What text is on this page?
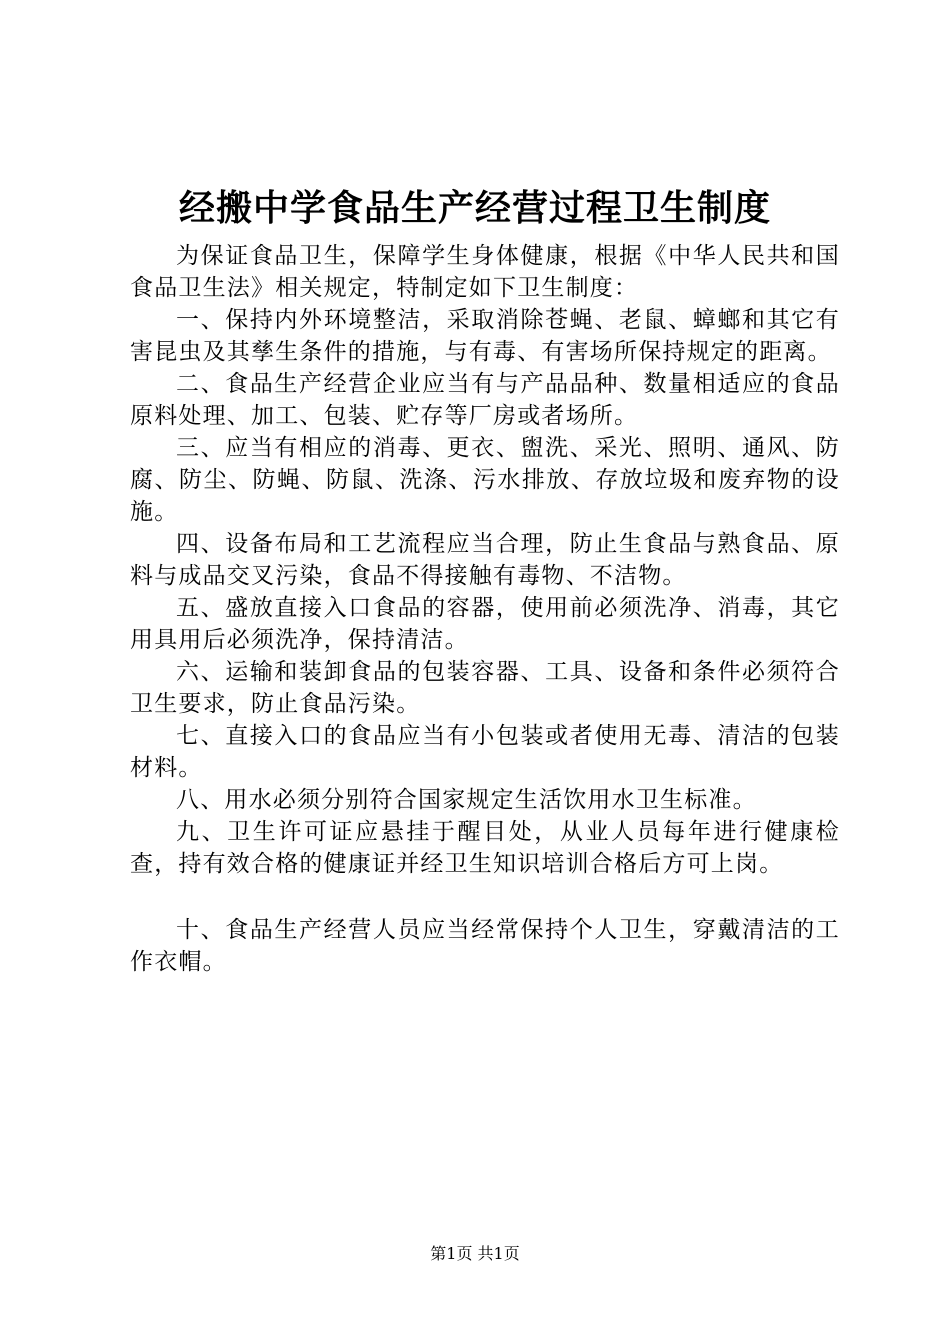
经搬中学食品生产经营过程卫生制度

为保证食品卫生，保障学生身体健康，根据《中华人民共和国食品卫生法》相关规定，特制定如下卫生制度：

一、保持内外环境整洁，采取消除苍蝇、老鼠、蟑螂和其它有害昆虫及其孳生条件的措施，与有毒、有害场所保持规定的距离。

二、食品生产经营企业应当有与产品品种、数量相适应的食品原料处理、加工、包装、贮存等厂房或者场所。

三、应当有相应的消毒、更衣、盥洗、采光、照明、通风、防腐、防尘、防蝇、防鼠、洗涤、污水排放、存放垃圾和废弃物的设施。

四、设备布局和工艺流程应当合理，防止生食品与熟食品、原料与成品交叉污染，食品不得接触有毒物、不洁物。

五、盛放直接入口食品的容器，使用前必须洗净、消毒，其它用具用后必须洗净，保持清洁。

六、运输和装卸食品的包装容器、工具、设备和条件必须符合卫生要求，防止食品污染。

七、直接入口的食品应当有小包装或者使用无毒、清洁的包装材料。

八、用水必须分别符合国家规定生活饮用水卫生标准。

九、卫生许可证应悬挂于醒目处，从业人员每年进行健康检查，持有效合格的健康证并经卫生知识培训合格后方可上岗。

十、食品生产经营人员应当经常保持个人卫生，穿戴清洁的工作衣帽。

第1页 共1页
